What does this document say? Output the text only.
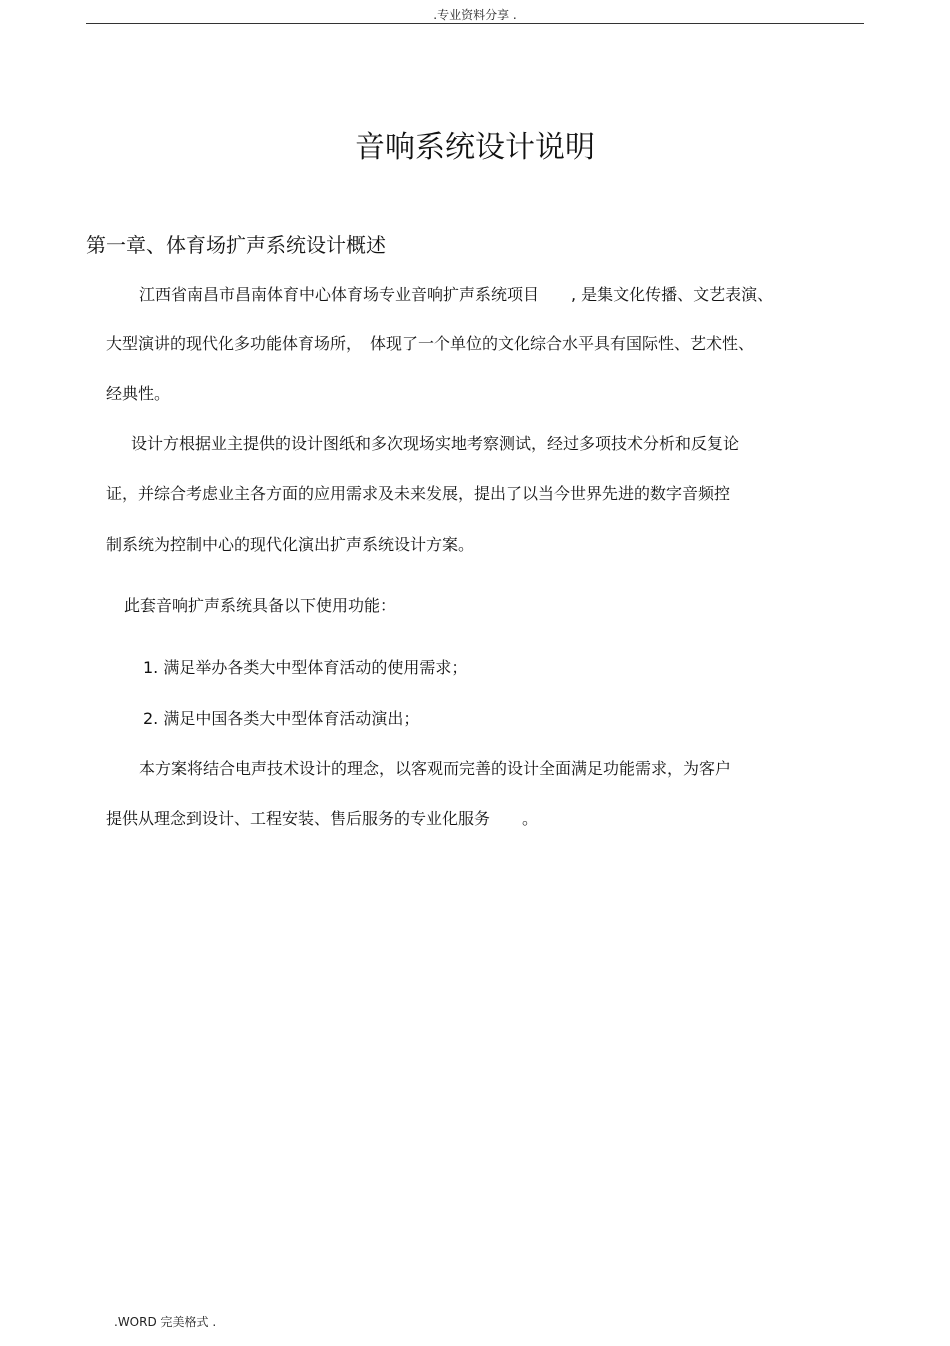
.专业资料分享 .
音响系统设计说明
第一章、体育场扩声系统设计概述

江西省南昌市昌南体育中心体育场专业音响扩声系统项目　　, 是集文化传播、文艺表演、

大型演讲的现代化多功能体育场所，　体现了一个单位的文化综合水平具有国际性、艺术性、

经典性。

设计方根据业主提供的设计图纸和多次现场实地考察测试，经过多项技术分析和反复论

证，并综合考虑业主各方面的应用需求及未来发展，提出了以当今世界先进的数字音频控

制系统为控制中心的现代化演出扩声系统设计方案。

此套音响扩声系统具备以下使用功能：

1. 满足举办各类大中型体育活动的使用需求；

2. 满足中国各类大中型体育活动演出；

本方案将结合电声技术设计的理念，以客观而完善的设计全面满足功能需求，为客户

提供从理念到设计、工程安装、售后服务的专业化服务　　。

.WORD 完美格式 .
